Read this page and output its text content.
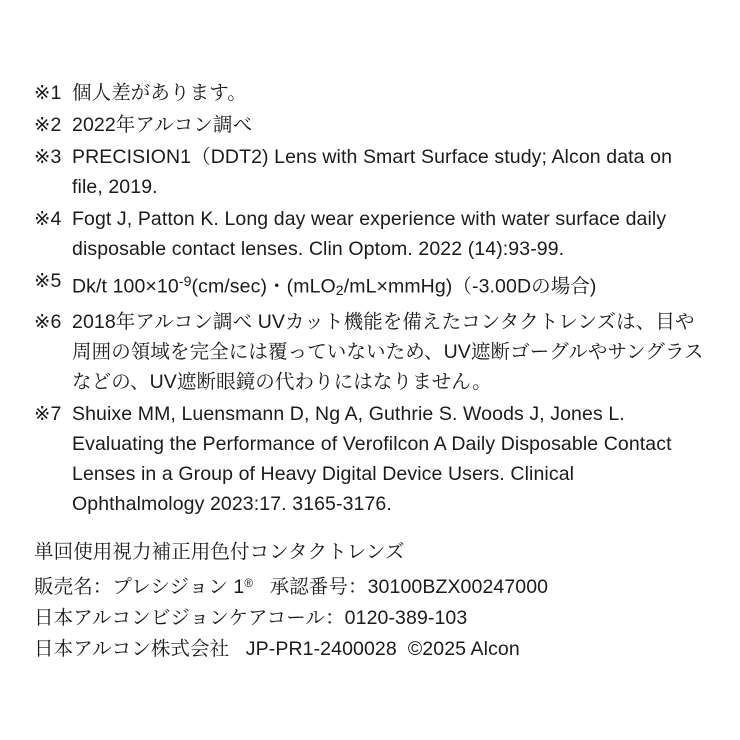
※1 個人差があります。
※2 2022年アルコン調べ
※3 PRECISION1（DDT2) Lens with Smart Surface study; Alcon data on file, 2019.
※4 Fogt J, Patton K. Long day wear experience with water surface daily disposable contact lenses. Clin Optom. 2022 (14):93-99.
※5 Dk/t $100\times 10^{-9}(cm/\sec)$・(mLO2/mL×mmHg)（-3.00Dの場合)
※6 2018年アルコン調べ UVカット機能を備えたコンタクトレンズは、目や周囲の領域を完全には覆っていないため、UV遮断ゴーグルやサングラスなどの、UV遮断眼鏡の代わりにはなりません。
※7 Shuixe MM, Luensmann D, Ng A, Guthrie S. Woods J, Jones L. Evaluating the Performance of Verofilcon A Daily Disposable Contact Lenses in a Group of Heavy Digital Device Users. Clinical Ophthalmology 2023:17. 3165-3176.
単回使用視力補正用色付コンタクトレンズ
販売名：プレシジョン 1® 承認番号：30100BZX00247000
日本アルコンビジョンケアコール：0120-389-103
日本アルコン株式会社 JP-PR1-2400028 ©2025 Alcon
